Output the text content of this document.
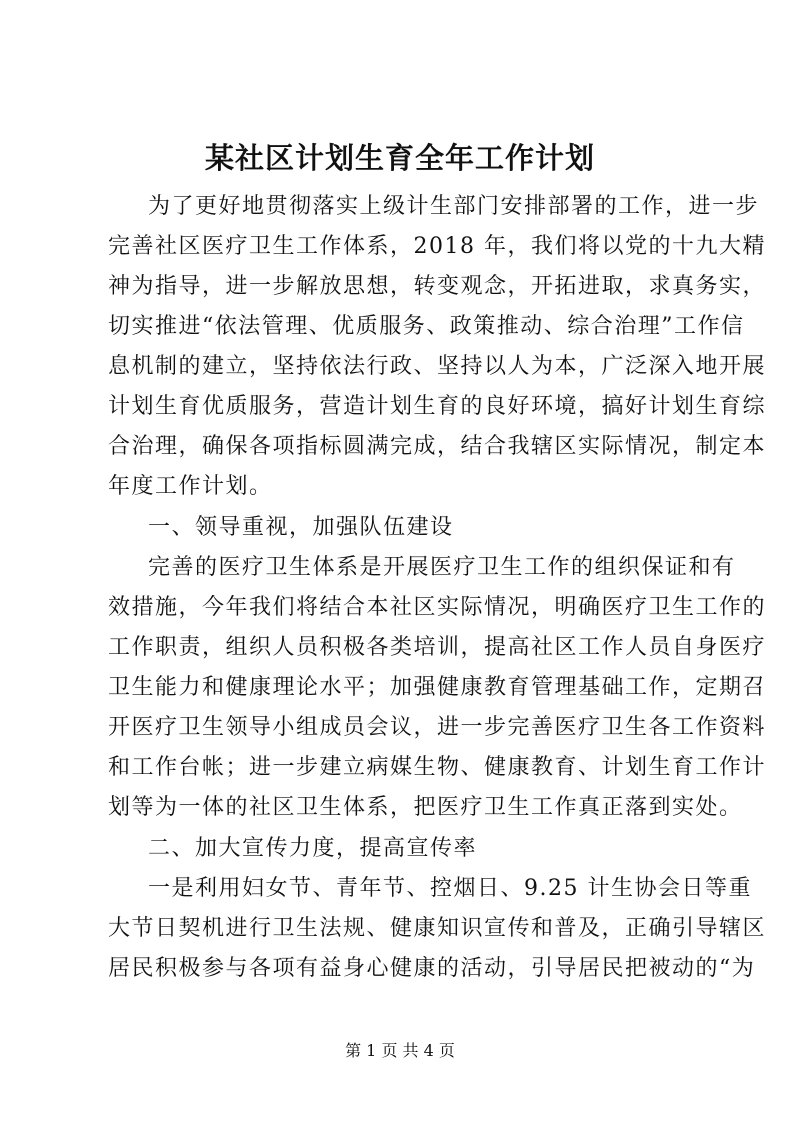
某社区计划生育全年工作计划
为了更好地贯彻落实上级计生部门安排部署的工作，进一步
完善社区医疗卫生工作体系，2018 年，我们将以党的十九大精
神为指导，进一步解放思想，转变观念，开拓进取，求真务实，
切实推进“依法管理、优质服务、政策推动、综合治理”工作信
息机制的建立，坚持依法行政、坚持以人为本，广泛深入地开展
计划生育优质服务，营造计划生育的良好环境，搞好计划生育综
合治理，确保各项指标圆满完成，结合我辖区实际情况，制定本
年度工作计划。
一、领导重视，加强队伍建设
完善的医疗卫生体系是开展医疗卫生工作的组织保证和有
效措施，今年我们将结合本社区实际情况，明确医疗卫生工作的
工作职责，组织人员积极各类培训，提高社区工作人员自身医疗
卫生能力和健康理论水平；加强健康教育管理基础工作，定期召
开医疗卫生领导小组成员会议，进一步完善医疗卫生各工作资料
和工作台帐；进一步建立病媒生物、健康教育、计划生育工作计
划等为一体的社区卫生体系，把医疗卫生工作真正落到实处。
二、加大宣传力度，提高宣传率
一是利用妇女节、青年节、控烟日、9.25 计生协会日等重
大节日契机进行卫生法规、健康知识宣传和普及，正确引导辖区
居民积极参与各项有益身心健康的活动，引导居民把被动的“为
第 1 页 共 4 页
